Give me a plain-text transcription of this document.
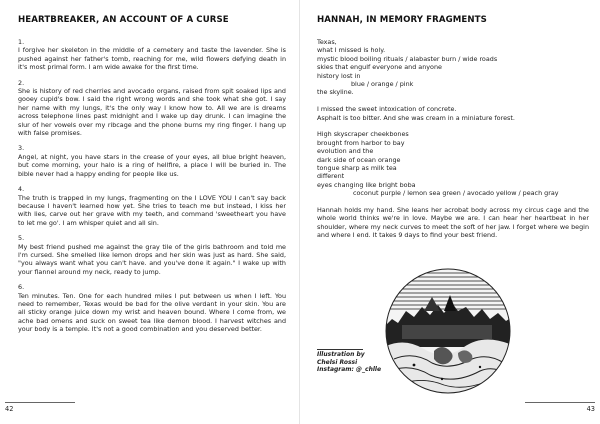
HEARTBREAKER, AN ACCOUNT OF A CURSE
1.
I forgive her skeleton in the middle of a cemetery and taste the lavender. She is pushed against her father's tomb, reaching for me, wild flowers defying death in it's most primal form. I am wide awake for the first time.
2.
She is history of red cherries and avocado organs, raised from spit soaked lips and gooey cupid's bow. I said the right wrong words and she took what she got. I say her name with my lungs, it's the only way I know how to. All we are is dreams across telephone lines past midnight and I wake up day drunk. I can imagine the slur of her vowels over my ribcage and the phone burns my ring finger. I hang up with false promises.
3.
Angel, at night, you have stars in the crease of your eyes, all blue bright heaven, but come morning, your halo is a ring of hellfire, a place I will be buried in. The bible never had a happy ending for people like us.
4.
The truth is trapped in my lungs, fragmenting on the I LOVE YOU I can't say back because I haven't learned how yet. She tries to teach me but instead, I kiss her with lies, carve out her grave with my teeth, and command 'sweetheart you have to let me go'. I am whisper quiet and all sin.
5.
My best friend pushed me against the gray tile of the girls bathroom and told me I'm cursed. She smelled like lemon drops and her skin was just as hard. She said, "you always want what you can't have. and you've done it again." I wake up with your flannel around my neck, ready to jump.
6.
Ten minutes. Ten. One for each hundred miles I put between us when I left. You need to remember, Texas would be bad for the olive verdant in your skin. You are all sticky orange juice down my wrist and heaven bound. Where I come from, we ache bad omens and suck on sweet tea like demon blood. I harvest witches and your body is a temple. It's not a good combination and you deserved better.
42
HANNAH, IN MEMORY FRAGMENTS
Texas,
what I missed is holy.
mystic blood boiling rituals / alabaster burn / wide roads
skies that engulf everyone and anyone
history lost in
blue / orange / pink
the skyline.
I missed the sweet intoxication of concrete.
Asphalt is too bitter. And she was cream in a miniature forest.
High skyscraper cheekbones
brought from harbor to bay
evolution and the
dark side of ocean orange
tongue sharp as milk tea
different
eyes changing like bright boba
coconut purple / lemon sea green / avocado yellow / peach gray
Hannah holds my hand. She leans her acrobat body across my circus cage and the whole world thinks we're in love. Maybe we are. I can hear her heartbeat in her shoulder, where my neck curves to meet the soft of her jaw. I forget where we begin and where I end. It takes 9 days to find your best friend.
Illustration by
Chelsi Rossi
Instagram: @_chlle
43
